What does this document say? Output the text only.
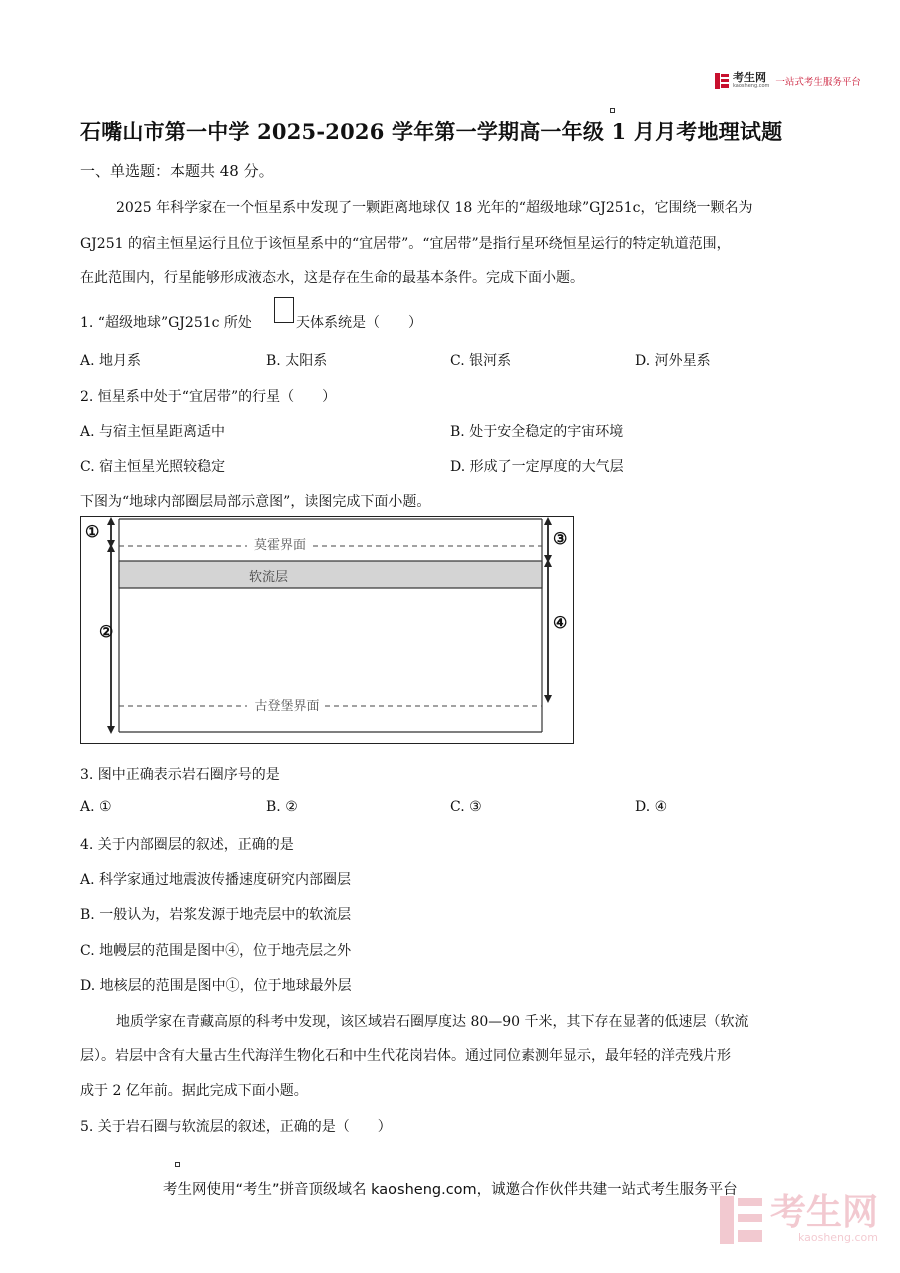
考生网
kaosheng.com 一站式考生服务平台
石嘴山市第一中学 2025-2026 学年第一学期高一年级 1 月月考地理试题
一、单选题：本题共 48 分。
2025 年科学家在一个恒星系中发现了一颗距离地球仅 18 光年的“超级地球”GJ251c，它围绕一颗名为
GJ251 的宿主恒星运行且位于该恒星系中的“宜居带”。“宜居带”是指行星环绕恒星运行的特定轨道范围，
在此范围内，行星能够形成液态水，这是存在生命的最基本条件。完成下面小题。
1. “超级地球”GJ251c 所处	天体系统是（　　）
A. 地月系	B. 太阳系	C. 银河系	D. 河外星系
2. 恒星系中处于“宜居带”的行星（　　）
A. 与宿主恒星距离适中	B. 处于安全稳定的宇宙环境
C. 宿主恒星光照较稳定	D. 形成了一定厚度的大气层
下图为“地球内部圈层局部示意图”，读图完成下面小题。
莫霍界面
软流层
古登堡界面
①
②
③
④
3. 图中正确表示岩石圈序号的是
A. ①	B. ②	C. ③	D. ④
4. 关于内部圈层的叙述，正确的是
A. 科学家通过地震波传播速度研究内部圈层
B. 一般认为，岩浆发源于地壳层中的软流层
C. 地幔层的范围是图中④，位于地壳层之外
D. 地核层的范围是图中①，位于地球最外层
地质学家在青藏高原的科考中发现，该区域岩石圈厚度达 80—90 千米，其下存在显著的低速层（软流
层）。岩层中含有大量古生代海洋生物化石和中生代花岗岩体。通过同位素测年显示，最年轻的洋壳残片形
成于 2 亿年前。据此完成下面小题。
5. 关于岩石圈与软流层的叙述，正确的是（　　）
考生网使用“考生”拼音顶级域名 kaosheng.com，诚邀合作伙伴共建一站式考生服务平台
考生网
kaosheng.com
